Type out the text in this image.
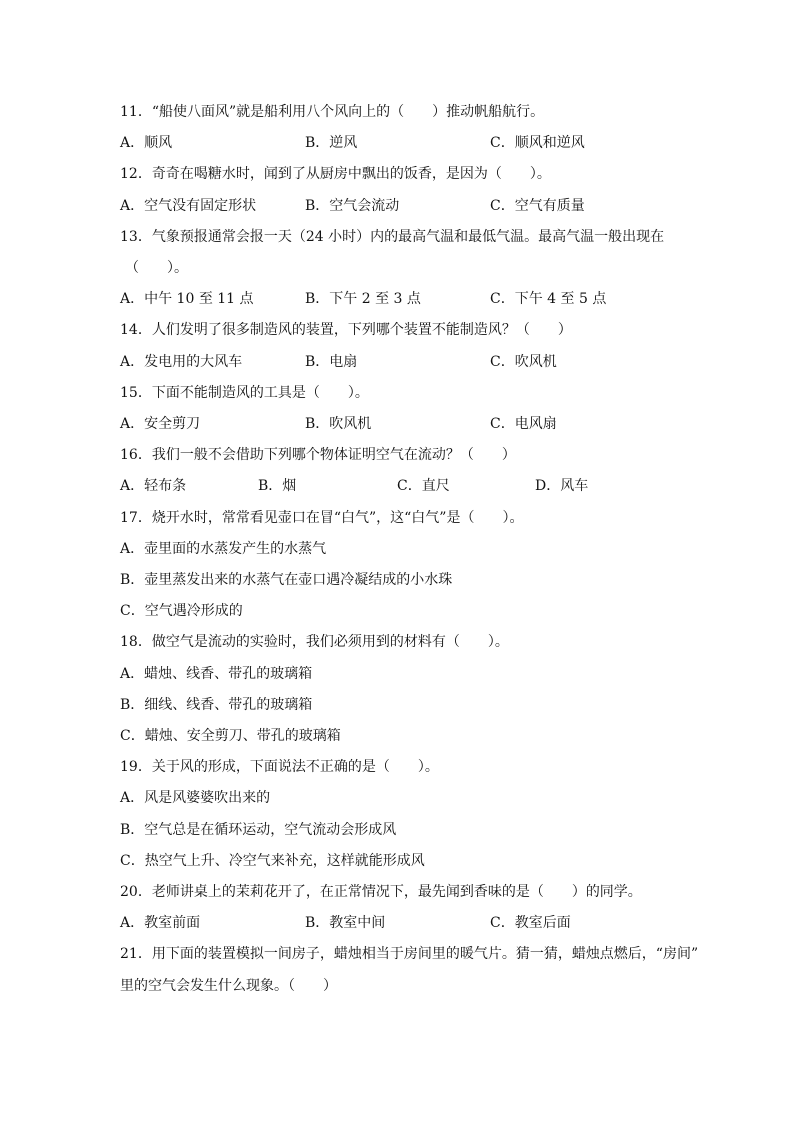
11．“船使八面风”就是船利用八个风向上的（　　）推动帆船航行。
A．顺风	B．逆风	C．顺风和逆风
12．奇奇在喝糖水时，闻到了从厨房中飘出的饭香，是因为（　　）。
A．空气没有固定形状	B．空气会流动	C．空气有质量
13．气象预报通常会报一天（24 小时）内的最高气温和最低气温。最高气温一般出现在
（　　）。
A．中午 10 至 11 点	B．下午 2 至 3 点	C．下午 4 至 5 点
14．人们发明了很多制造风的装置，下列哪个装置不能制造风？（　　）
A．发电用的大风车	B．电扇	C．吹风机
15．下面不能制造风的工具是（　　）。
A．安全剪刀	B．吹风机	C．电风扇
16．我们一般不会借助下列哪个物体证明空气在流动？（　　）
A．轻布条	B．烟	C．直尺	D．风车
17．烧开水时，常常看见壶口在冒“白气”，这“白气”是（　　）。
A．壶里面的水蒸发产生的水蒸气
B．壶里蒸发出来的水蒸气在壶口遇冷凝结成的小水珠
C．空气遇冷形成的
18．做空气是流动的实验时，我们必须用到的材料有（　　）。
A．蜡烛、线香、带孔的玻璃箱
B．细线、线香、带孔的玻璃箱
C．蜡烛、安全剪刀、带孔的玻璃箱
19．关于风的形成，下面说法不正确的是（　　）。
A．风是风婆婆吹出来的
B．空气总是在循环运动，空气流动会形成风
C．热空气上升、冷空气来补充，这样就能形成风
20．老师讲桌上的茉莉花开了，在正常情况下，最先闻到香味的是（　　）的同学。
A．教室前面	B．教室中间	C．教室后面
21．用下面的装置模拟一间房子，蜡烛相当于房间里的暖气片。猜一猜，蜡烛点燃后，“房间”
里的空气会发生什么现象。（　　）
